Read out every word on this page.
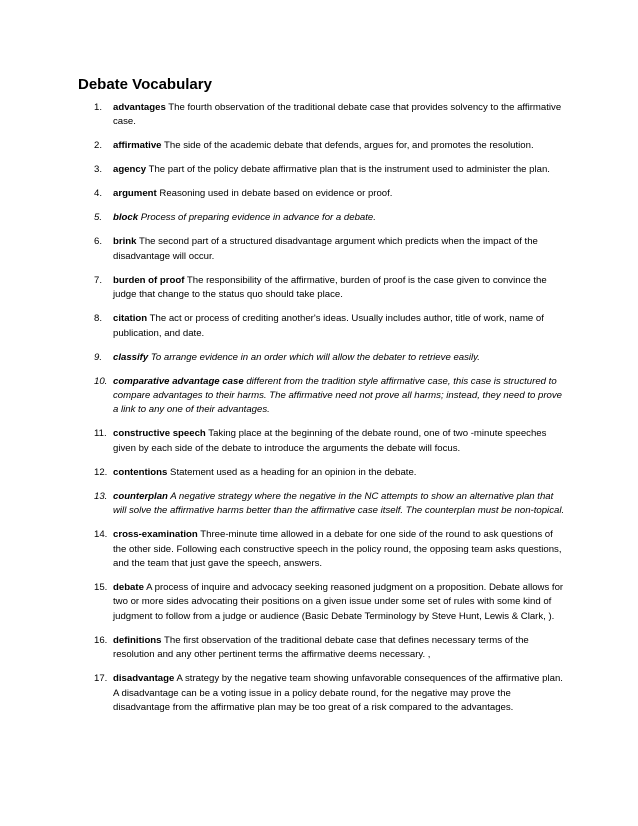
Debate Vocabulary
1. advantages The fourth observation of the traditional debate case that provides solvency to the affirmative case.
2. affirmative The side of the academic debate that defends, argues for, and promotes the resolution.
3. agency The part of the policy debate affirmative plan that is the instrument used to administer the plan.
4. argument Reasoning used in debate based on evidence or proof.
5. block Process of preparing evidence in advance for a debate.
6. brink The second part of a structured disadvantage argument which predicts when the impact of the disadvantage will occur.
7. burden of proof The responsibility of the affirmative, burden of proof is the case given to convince the judge that change to the status quo should take place.
8. citation The act or process of crediting another's ideas. Usually includes author, title of work, name of publication, and date.
9. classify To arrange evidence in an order which will allow the debater to retrieve easily.
10. comparative advantage case different from the tradition style affirmative case, this case is structured to compare advantages to their harms. The affirmative need not prove all harms; instead, they need to prove a link to any one of their advantages.
11. constructive speech Taking place at the beginning of the debate round, one of two -minute speeches given by each side of the debate to introduce the arguments the debate will focus.
12. contentions Statement used as a heading for an opinion in the debate.
13. counterplan A negative strategy where the negative in the NC attempts to show an alternative plan that will solve the affirmative harms better than the affirmative case itself. The counterplan must be non-topical.
14. cross-examination Three-minute time allowed in a debate for one side of the round to ask questions of the other side. Following each constructive speech in the policy round, the opposing team asks questions, and the team that just gave the speech, answers.
15. debate A process of inquire and advocacy seeking reasoned judgment on a proposition. Debate allows for two or more sides advocating their positions on a given issue under some set of rules with some kind of judgment to follow from a judge or audience (Basic Debate Terminology by Steve Hunt, Lewis & Clark, ).
16. definitions The first observation of the traditional debate case that defines necessary terms of the resolution and any other pertinent terms the affirmative deems necessary. ,
17. disadvantage A strategy by the negative team showing unfavorable consequences of the affirmative plan. A disadvantage can be a voting issue in a policy debate round, for the negative may prove the disadvantage from the affirmative plan may be too great of a risk compared to the advantages.
